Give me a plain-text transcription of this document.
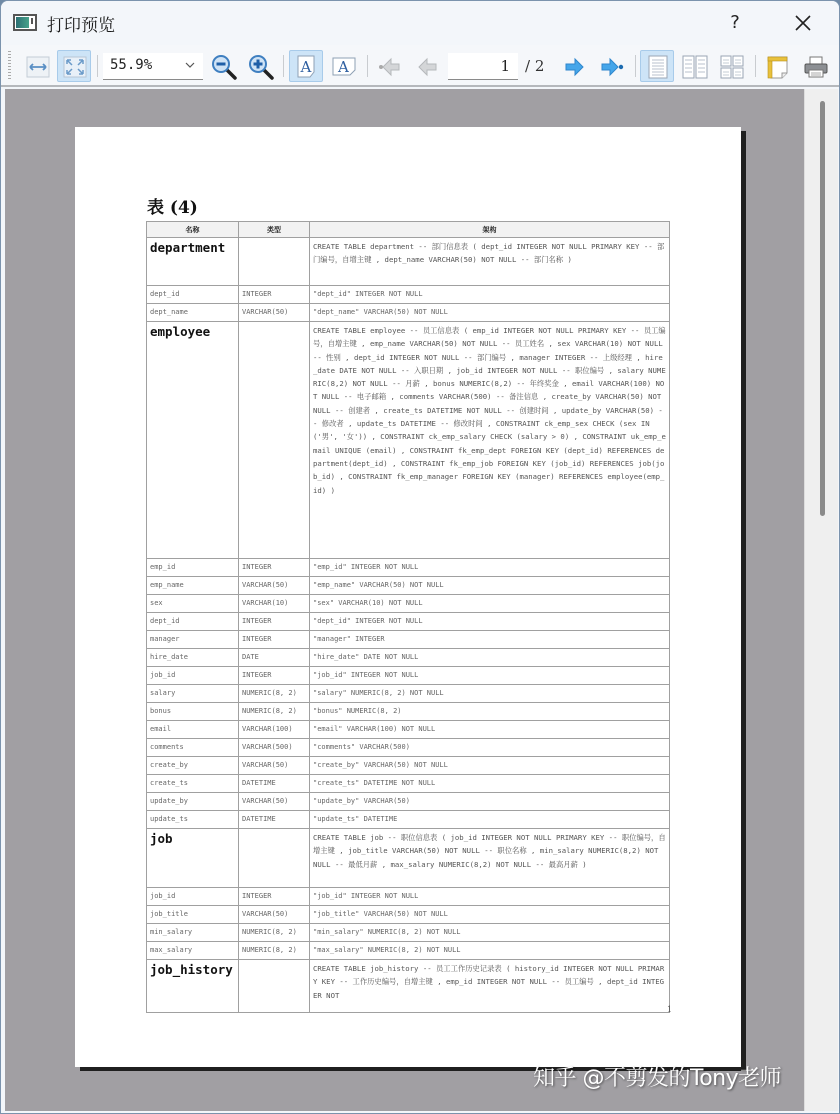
打印预览	?
55.9%	A A	1 / 2
表 (4)
名称	类型	架构
department		CREATE TABLE department -- 部门信息表 ( dept_id INTEGER NOT NULL PRIMARY KEY -- 部门编号，自增主键 , dept_name VARCHAR(50) NOT NULL -- 部门名称 )
dept_id	INTEGER	"dept_id" INTEGER NOT NULL
dept_name	VARCHAR(50)	"dept_name" VARCHAR(50) NOT NULL
employee		CREATE TABLE employee -- 员工信息表 ( emp_id INTEGER NOT NULL PRIMARY KEY -- 员工编号，自增主键 , emp_name VARCHAR(50) NOT NULL -- 员工姓名 , sex VARCHAR(10) NOT NULL -- 性别 , dept_id INTEGER NOT NULL -- 部门编号 , manager INTEGER -- 上级经理 , hire_date DATE NOT NULL -- 入职日期 , job_id INTEGER NOT NULL -- 职位编号 , salary NUMERIC(8,2) NOT NULL -- 月薪 , bonus NUMERIC(8,2) -- 年终奖金 , email VARCHAR(100) NOT NULL -- 电子邮箱 , comments VARCHAR(500) -- 备注信息 , create_by VARCHAR(50) NOT NULL -- 创建者 , create_ts DATETIME NOT NULL -- 创建时间 , update_by VARCHAR(50) -- 修改者 , update_ts DATETIME -- 修改时间 , CONSTRAINT ck_emp_sex CHECK (sex IN ('男', '女')) , CONSTRAINT ck_emp_salary CHECK (salary > 0) , CONSTRAINT uk_emp_email UNIQUE (email) , CONSTRAINT fk_emp_dept FOREIGN KEY (dept_id) REFERENCES department(dept_id) , CONSTRAINT fk_emp_job FOREIGN KEY (job_id) REFERENCES job(job_id) , CONSTRAINT fk_emp_manager FOREIGN KEY (manager) REFERENCES employee(emp_id) )
emp_id	INTEGER	"emp_id" INTEGER NOT NULL
emp_name	VARCHAR(50)	"emp_name" VARCHAR(50) NOT NULL
sex	VARCHAR(10)	"sex" VARCHAR(10) NOT NULL
dept_id	INTEGER	"dept_id" INTEGER NOT NULL
manager	INTEGER	"manager" INTEGER
hire_date	DATE	"hire_date" DATE NOT NULL
job_id	INTEGER	"job_id" INTEGER NOT NULL
salary	NUMERIC(8, 2)	"salary" NUMERIC(8, 2) NOT NULL
bonus	NUMERIC(8, 2)	"bonus" NUMERIC(8, 2)
email	VARCHAR(100)	"email" VARCHAR(100) NOT NULL
comments	VARCHAR(500)	"comments" VARCHAR(500)
create_by	VARCHAR(50)	"create_by" VARCHAR(50) NOT NULL
create_ts	DATETIME	"create_ts" DATETIME NOT NULL
update_by	VARCHAR(50)	"update_by" VARCHAR(50)
update_ts	DATETIME	"update_ts" DATETIME
job		CREATE TABLE job -- 职位信息表 ( job_id INTEGER NOT NULL PRIMARY KEY -- 职位编号，自增主键 , job_title VARCHAR(50) NOT NULL -- 职位名称 , min_salary NUMERIC(8,2) NOT NULL -- 最低月薪 , max_salary NUMERIC(8,2) NOT NULL -- 最高月薪 )
job_id	INTEGER	"job_id" INTEGER NOT NULL
job_title	VARCHAR(50)	"job_title" VARCHAR(50) NOT NULL
min_salary	NUMERIC(8, 2)	"min_salary" NUMERIC(8, 2) NOT NULL
max_salary	NUMERIC(8, 2)	"max_salary" NUMERIC(8, 2) NOT NULL
job_history		CREATE TABLE job_history -- 员工工作历史记录表 ( history_id INTEGER NOT NULL PRIMARY KEY -- 工作历史编号，自增主键 , emp_id INTEGER NOT NULL -- 员工编号 , dept_id INTEGER NOT
1
知乎 @不剪发的Tony老师
